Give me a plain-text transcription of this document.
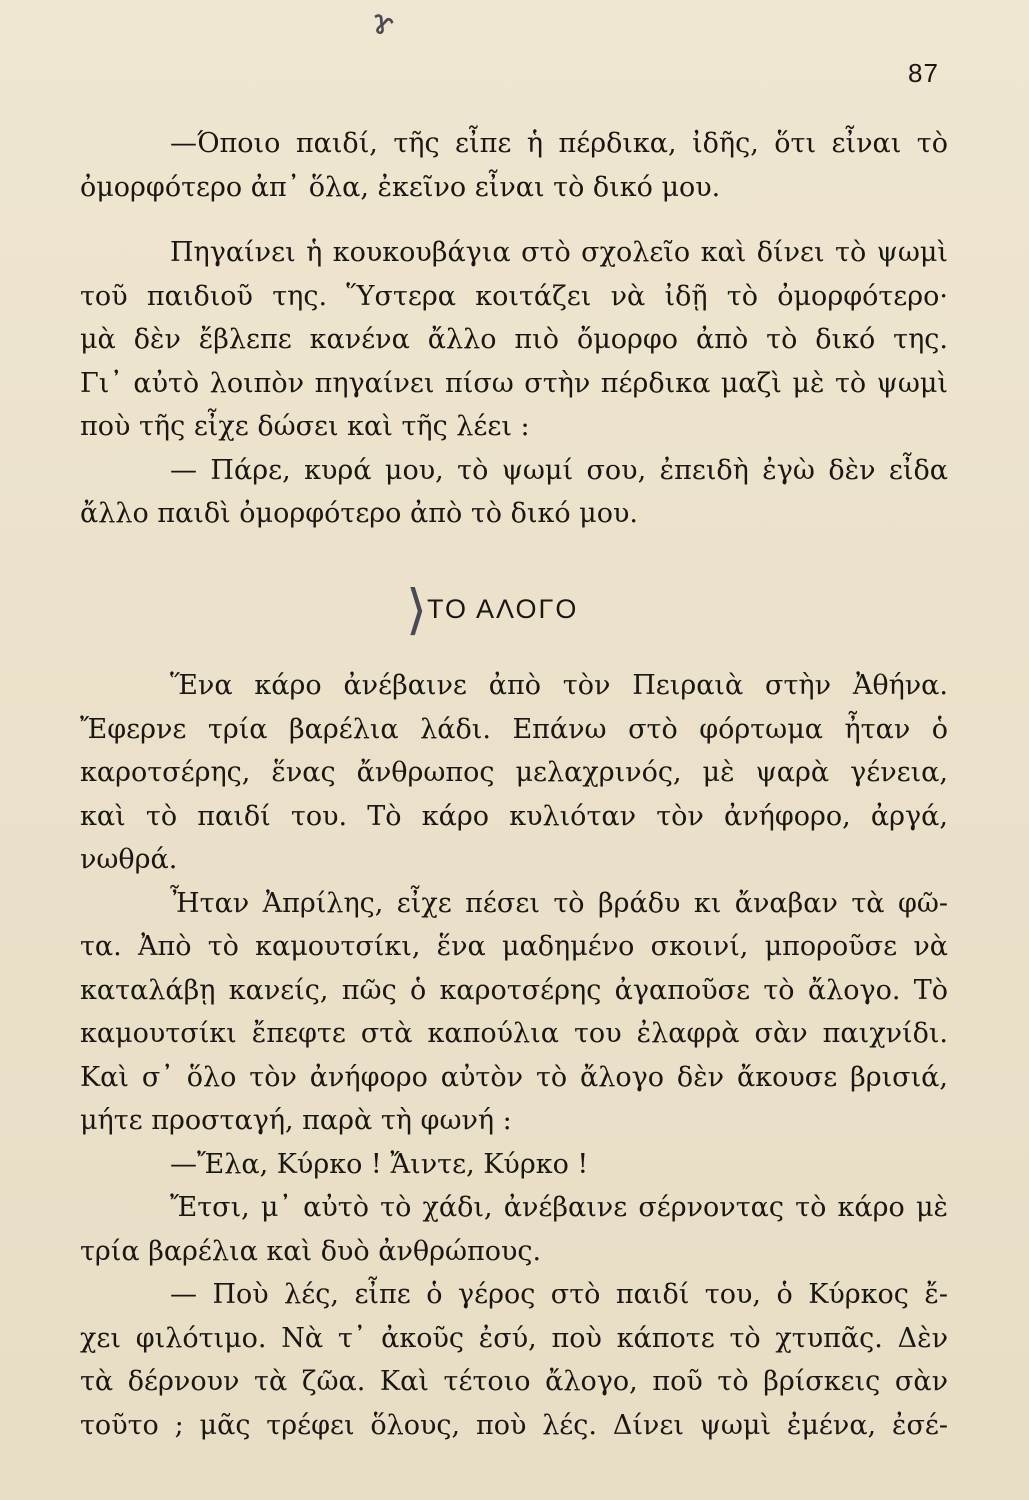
ɤ
87
—Όποιο παιδί, τῆς εἶπε ἡ πέρδικα, ἰδῆς, ὅτι εἶναι τὸ
ὀμορφότερο ἀπ᾽ ὅλα, ἐκεῖνο εἶναι τὸ δικό μου.
Πηγαίνει ἡ κουκουβάγια στὸ σχολεῖο καὶ δίνει τὸ ψωμὶ
τοῦ παιδιοῦ της. Ὕστερα κοιτάζει νὰ ἰδῇ τὸ ὀμορφότερο·
μὰ δὲν ἔβλεπε κανένα ἄλλο πιὸ ὄμορφο ἀπὸ τὸ δικό της.
Γι᾽ αὐτὸ λοιπὸν πηγαίνει πίσω στὴν πέρδικα μαζὶ μὲ τὸ ψωμὶ
ποὺ τῆς εἶχε δώσει καὶ τῆς λέει :
— Πάρε, κυρά μου, τὸ ψωμί σου, ἐπειδὴ ἐγὼ δὲν εἶδα
ἄλλο παιδὶ ὀμορφότερο ἀπὸ τὸ δικό μου.
⟩ ΤΟ ΑΛΟΓΟ
Ἕνα κάρο ἀνέβαινε ἀπὸ τὸν Πειραιὰ στὴν Ἀθήνα.
Ἔφερνε τρία βαρέλια λάδι. Επάνω στὸ φόρτωμα ἦταν ὁ
καροτσέρης, ἕνας ἄνθρωπος μελαχρινός, μὲ ψαρὰ γένεια,
καὶ τὸ παιδί του. Τὸ κάρο κυλιόταν τὸν ἀνήφορο, ἀργά,
νωθρά.
Ἦταν Ἀπρίλης, εἶχε πέσει τὸ βράδυ κι ἄναβαν τὰ φῶ-
τα. Ἀπὸ τὸ καμουτσίκι, ἕνα μαδημένο σκοινί, μποροῦσε νὰ
καταλάβῃ κανείς, πῶς ὁ καροτσέρης ἀγαποῦσε τὸ ἄλογο. Τὸ
καμουτσίκι ἔπεφτε στὰ καπούλια του ἐλαφρὰ σὰν παιχνίδι.
Καὶ σ᾽ ὅλο τὸν ἀνήφορο αὐτὸν τὸ ἄλογο δὲν ἄκουσε βρισιά,
μήτε προσταγή, παρὰ τὴ φωνή :
—Ἔλα, Κύρκο ! Ἄιντε, Κύρκο !
Ἔτσι, μ᾽ αὐτὸ τὸ χάδι, ἀνέβαινε σέρνοντας τὸ κάρο μὲ
τρία βαρέλια καὶ δυὸ ἀνθρώπους.
— Ποὺ λές, εἶπε ὁ γέρος στὸ παιδί του, ὁ Κύρκος ἔ-
χει φιλότιμο. Νὰ τ᾽ ἀκοῦς ἐσύ, ποὺ κάποτε τὸ χτυπᾶς. Δὲν
τὰ δέρνουν τὰ ζῶα. Καὶ τέτοιο ἄλογο, ποῦ τὸ βρίσκεις σὰν
τοῦτο ; μᾶς τρέφει ὅλους, ποὺ λές. Δίνει ψωμὶ ἐμένα, ἐσέ-
